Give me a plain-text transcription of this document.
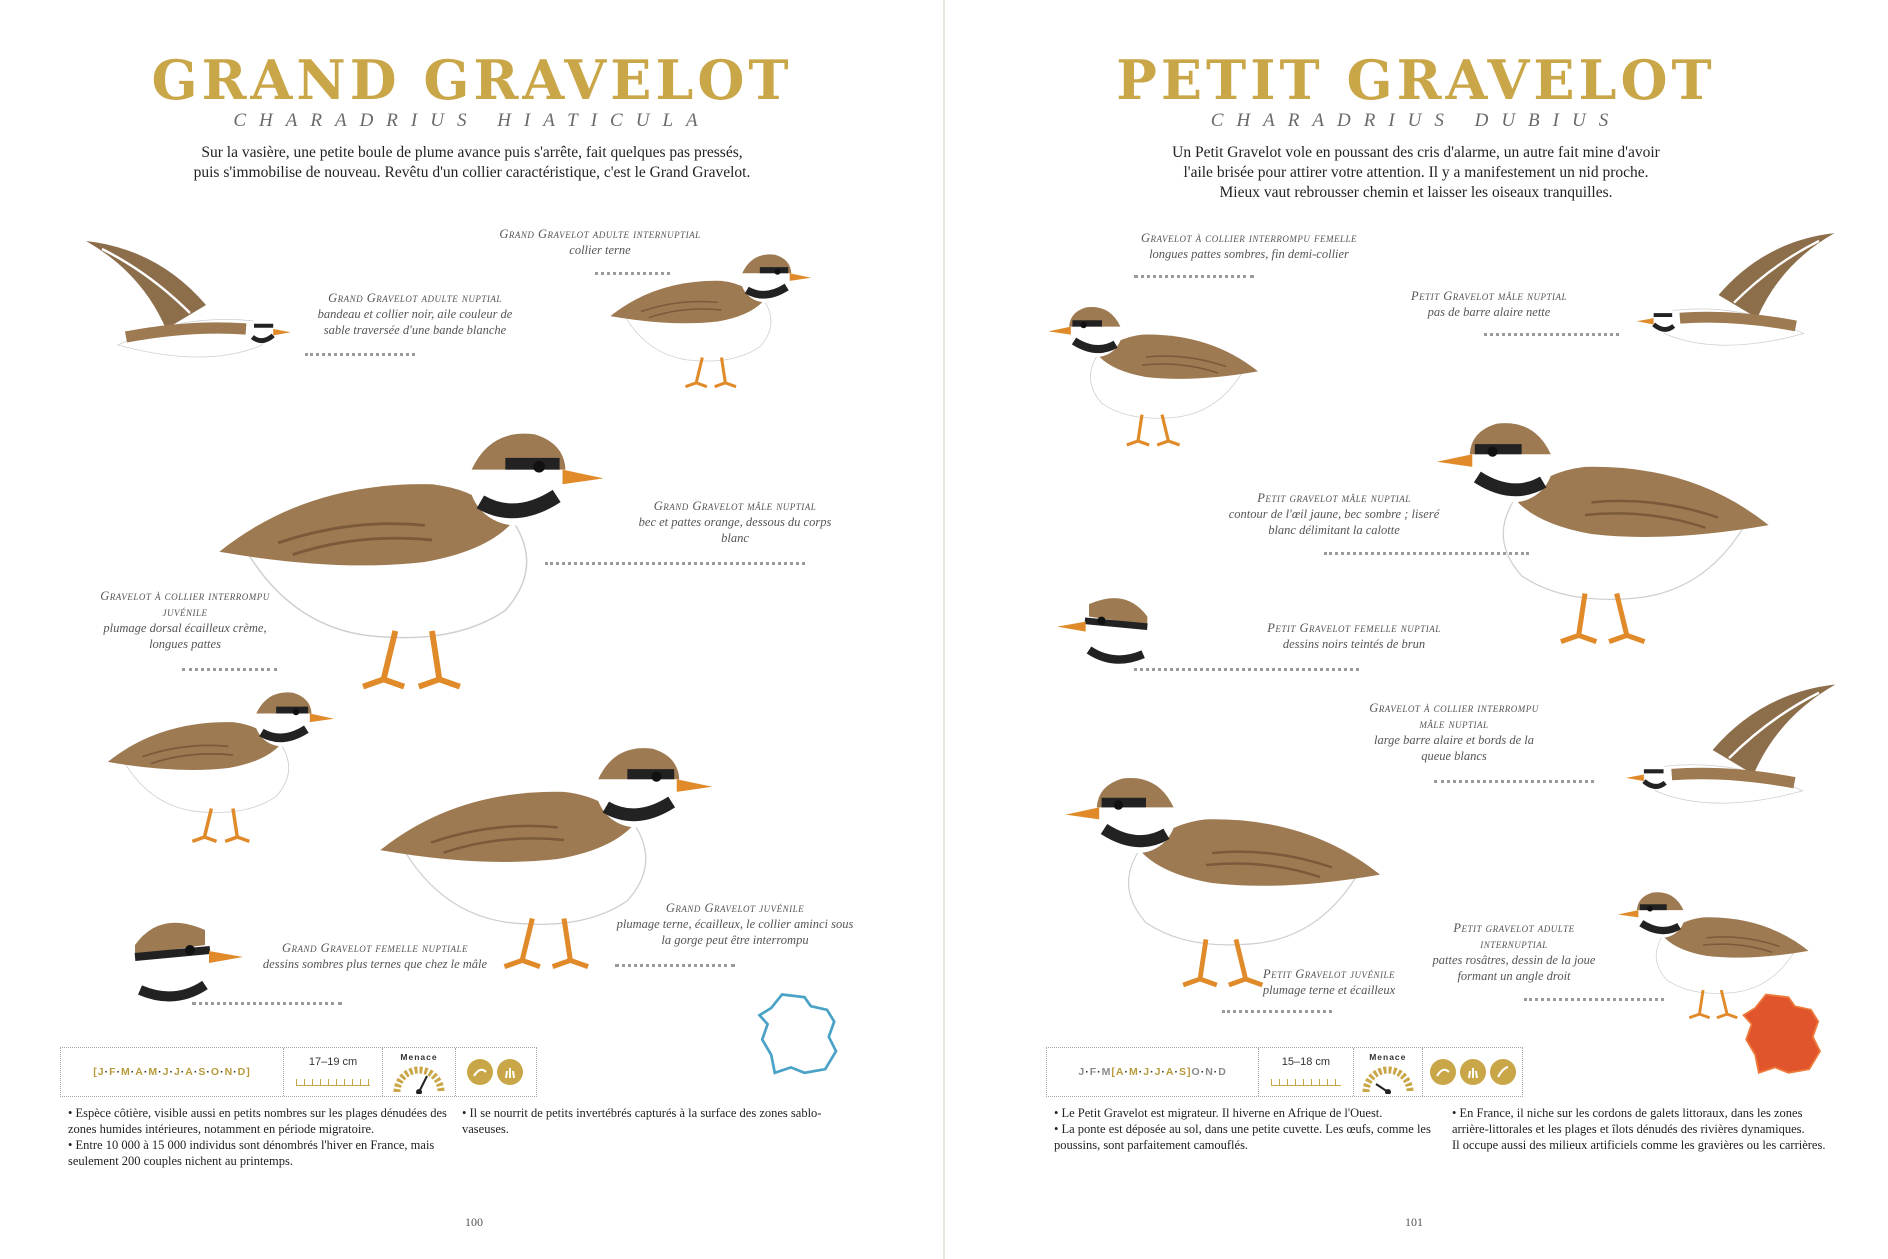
GRAND GRAVELOT

CHARADRIUS HIATICULA

Sur la vasière, une petite boule de plume avance puis s'arrête, fait quelques pas pressés,
puis s'immobilise de nouveau. Revêtu d'un collier caractéristique, c'est le Grand Gravelot.
Grand Gravelot adulte internuptial
collier terne
Grand Gravelot adulte nuptial
bandeau et collier noir, aile couleur de sable traversée d'une bande blanche
Grand Gravelot mâle nuptial
bec et pattes orange, dessous du corps blanc
Gravelot à collier interrompu juvénile
plumage dorsal écailleux crème, longues pattes
Grand Gravelot juvénile
plumage terne, écailleux, le collier aminci sous la gorge peut être interrompu
Grand Gravelot femelle nuptiale
dessins sombres plus ternes que chez le mâle
[ J · F · M · A · M · J · J · A · S · O · N · D ]
17–19 cm	Menace

• Espèce côtière, visible aussi en petits nombres sur les plages dénudées des zones humides intérieures, notamment en période migratoire.

• Entre 10 000 à 15 000 individus sont dénombrés l'hiver en France, mais seulement 200 couples nichent au printemps.

• Il se nourrit de petits invertébrés capturés à la surface des zones sablo-vaseuses.

100
PETIT GRAVELOT

CHARADRIUS DUBIUS

Un Petit Gravelot vole en poussant des cris d'alarme, un autre fait mine d'avoir
l'aile brisée pour attirer votre attention. Il y a manifestement un nid proche.
Mieux vaut rebrousser chemin et laisser les oiseaux tranquilles.
Gravelot à collier interrompu femelle
longues pattes sombres, fin demi-collier
Petit Gravelot mâle nuptial
pas de barre alaire nette
Petit gravelot mâle nuptial
contour de l'œil jaune, bec sombre ; liseré blanc délimitant la calotte
Petit Gravelot femelle nuptial
dessins noirs teintés de brun
Gravelot à collier interrompu mâle nuptial
large barre alaire et bords de la queue blancs
Petit gravelot adulte internuptial
pattes rosâtres, dessin de la joue formant un angle droit
Petit Gravelot juvénile
plumage terne et écailleux
J · F · M [ A · M · J · J · A · S ] O · N · D
15–18 cm	Menace

• Le Petit Gravelot est migrateur. Il hiverne en Afrique de l'Ouest.

• La ponte est déposée au sol, dans une petite cuvette. Les œufs, comme les poussins, sont parfaitement camouflés.

• En France, il niche sur les cordons de galets littoraux, dans les zones arrière-littorales et les plages et îlots dénudés des rivières dynamiques.

Il occupe aussi des milieux artificiels comme les gravières ou les carrières.

101
